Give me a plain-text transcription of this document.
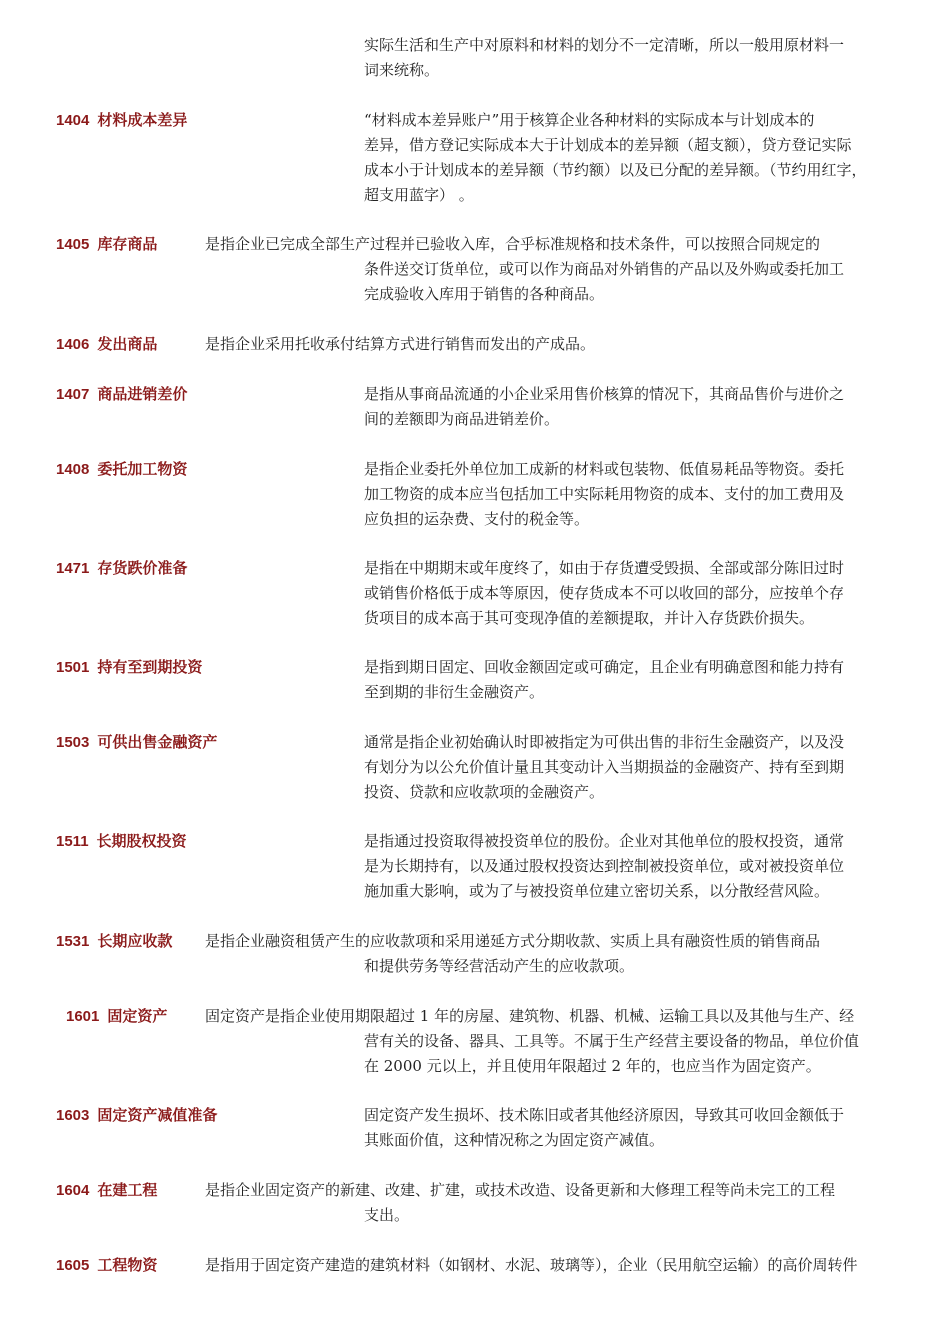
实际生活和生产中对原料和材料的划分不一定清晰，所以一般用原材料一
词来统称。
1404 材料成本差异	“材料成本差异账户”用于核算企业各种材料的实际成本与计划成本的
差异，借方登记实际成本大于计划成本的差异额（超支额），贷方登记实际
成本小于计划成本的差异额（节约额）以及已分配的差异额。（节约用红字，
超支用蓝字） 。
1405 库存商品	是指企业已完成全部生产过程并已验收入库，合乎标准规格和技术条件，可以按照合同规定的
条件送交订货单位，或可以作为商品对外销售的产品以及外购或委托加工
完成验收入库用于销售的各种商品。
1406 发出商品	是指企业采用托收承付结算方式进行销售而发出的产成品。
1407 商品进销差价	是指从事商品流通的小企业采用售价核算的情况下，其商品售价与进价之
间的差额即为商品进销差价。
1408 委托加工物资	是指企业委托外单位加工成新的材料或包装物、低值易耗品等物资。委托
加工物资的成本应当包括加工中实际耗用物资的成本、支付的加工费用及
应负担的运杂费、支付的税金等。
1471 存货跌价准备	是指在中期期末或年度终了，如由于存货遭受毁损、全部或部分陈旧过时
或销售价格低于成本等原因，使存货成本不可以收回的部分，应按单个存
货项目的成本高于其可变现净值的差额提取，并计入存货跌价损失。
1501 持有至到期投资	是指到期日固定、回收金额固定或可确定，且企业有明确意图和能力持有
至到期的非衍生金融资产。
1503 可供出售金融资产	通常是指企业初始确认时即被指定为可供出售的非衍生金融资产，以及没
有划分为以公允价值计量且其变动计入当期损益的金融资产、持有至到期
投资、贷款和应收款项的金融资产。
1511 长期股权投资	是指通过投资取得被投资单位的股份。企业对其他单位的股权投资，通常
是为长期持有，以及通过股权投资达到控制被投资单位，或对被投资单位
施加重大影响，或为了与被投资单位建立密切关系，以分散经营风险。
1531 长期应收款 是指企业融资租赁产生的应收款项和采用递延方式分期收款、实质上具有融资性质的销售商品
和提供劳务等经营活动产生的应收款项。
1601 固定资产	固定资产是指企业使用期限超过 1 年的房屋、建筑物、机器、机械、运输工具以及其他与生产、经
营有关的设备、器具、工具等。不属于生产经营主要设备的物品，单位价值
在 2000 元以上，并且使用年限超过 2 年的，也应当作为固定资产。
1603 固定资产减值准备	固定资产发生损坏、技术陈旧或者其他经济原因，导致其可收回金额低于
其账面价值，这种情况称之为固定资产减值。
1604 在建工程	是指企业固定资产的新建、改建、扩建，或技术改造、设备更新和大修理工程等尚未完工的工程
支出。
1605 工程物资	是指用于固定资产建造的建筑材料（如钢材、水泥、玻璃等），企业（民用航空运输）的高价周转件
